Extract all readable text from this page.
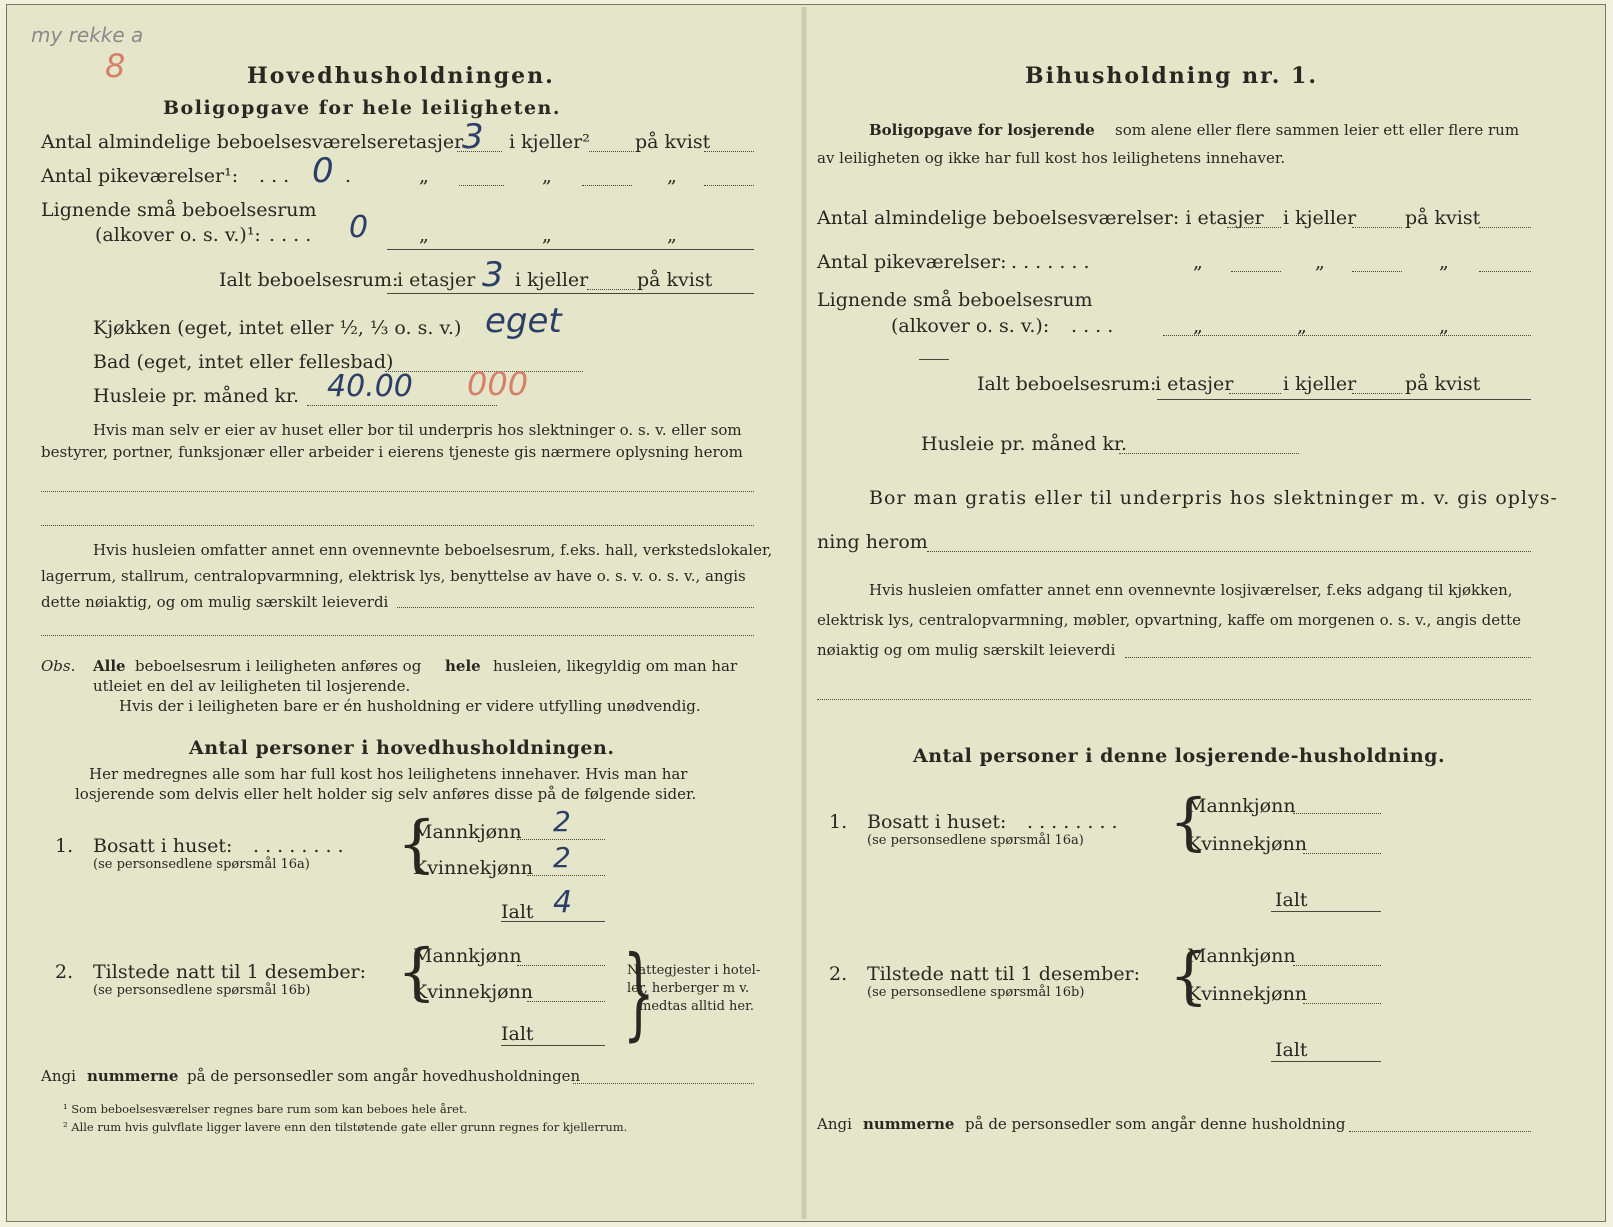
my rekke a
8	Hovedhusholdningen.
Boligopgave for hele leiligheten.
Antal almindelige beboelsesværelser etasjer
3 i kjeller² på kvist
Antal pikeværelser¹: . . . 0 .	„	„	„
Lignende små beboelsesrum
(alkover o. s. v.)¹: . . . . 0	„	„	„
Ialt beboelsesrum:
i etasjer 3 i kjeller	på kvist
Kjøkken (eget, intet eller ½, ⅓ o. s. v.) eget
Bad (eget, intet eller fellesbad)
Husleie pr. måned kr. 40.00 000
Hvis man selv er eier av huset eller bor til underpris hos slektninger o. s. v. eller som
bestyrer, portner, funksjonær eller arbeider i eierens tjeneste gis nærmere oplysning herom
Hvis husleien omfatter annet enn ovennevnte beboelsesrum, f.eks. hall, verkstedslokaler,
lagerrum, stallrum, centralopvarmning, elektrisk lys, benyttelse av have o. s. v. o. s. v., angis
dette nøiaktig, og om mulig særskilt leieverdi
Obs. Alle beboelsesrum i leiligheten anføres og hele husleien, likegyldig om man har
utleiet en del av leiligheten til losjerende.
Hvis der i leiligheten bare er én husholdning er videre utfylling unødvendig.
Antal personer i hovedhusholdningen.
Her medregnes alle som har full kost hos leilighetens innehaver. Hvis man har
losjerende som delvis eller helt holder sig selv anføres disse på de følgende sider.
1. Bosatt i huset: . . . . . . . .
(se personsedlene spørsmål 16a) {
Mannkjønn 2
Kvinnekjønn 2
Ialt 4
2. Tilstede natt til 1 desember:
(se personsedlene spørsmål 16b) {
Mannkjønn
Kvinnekjønn
Ialt }
Nattegjester i hotel-
ler, herberger m v.
medtas alltid her.
Angi nummerne på de personsedler som angår hovedhusholdningen
¹ Som beboelsesværelser regnes bare rum som kan beboes hele året.
² Alle rum hvis gulvflate ligger lavere enn den tilstøtende gate eller grunn regnes for kjellerrum.
Bihusholdning nr. 1.
Boligopgave for losjerende som alene eller flere sammen leier ett eller flere rum
av leiligheten og ikke har full kost hos leilighetens innehaver.
Antal almindelige beboelsesværelser: i etasjer i kjeller	på kvist
Antal pikeværelser: . . . . . . .	„	„	„
Lignende små beboelsesrum
(alkover o. s. v.): . . . .	„	„	„
Ialt beboelsesrum:
i etasjer	i kjeller	på kvist
Husleie pr. måned kr.
Bor man gratis eller til underpris hos slektninger m. v. gis oplys-
ning herom
Hvis husleien omfatter annet enn ovennevnte losjiværelser, f.eks adgang til kjøkken,
elektrisk lys, centralopvarmning, møbler, opvartning, kaffe om morgenen o. s. v., angis dette
nøiaktig og om mulig særskilt leieverdi
Antal personer i denne losjerende-husholdning.
1. Bosatt i huset: . . . . . . . .
(se personsedlene spørsmål 16a) {
Mannkjønn
Kvinnekjønn
Ialt
2. Tilstede natt til 1 desember:
(se personsedlene spørsmål 16b) {
Mannkjønn
Kvinnekjønn
Ialt
Angi nummerne på de personsedler som angår denne husholdning
